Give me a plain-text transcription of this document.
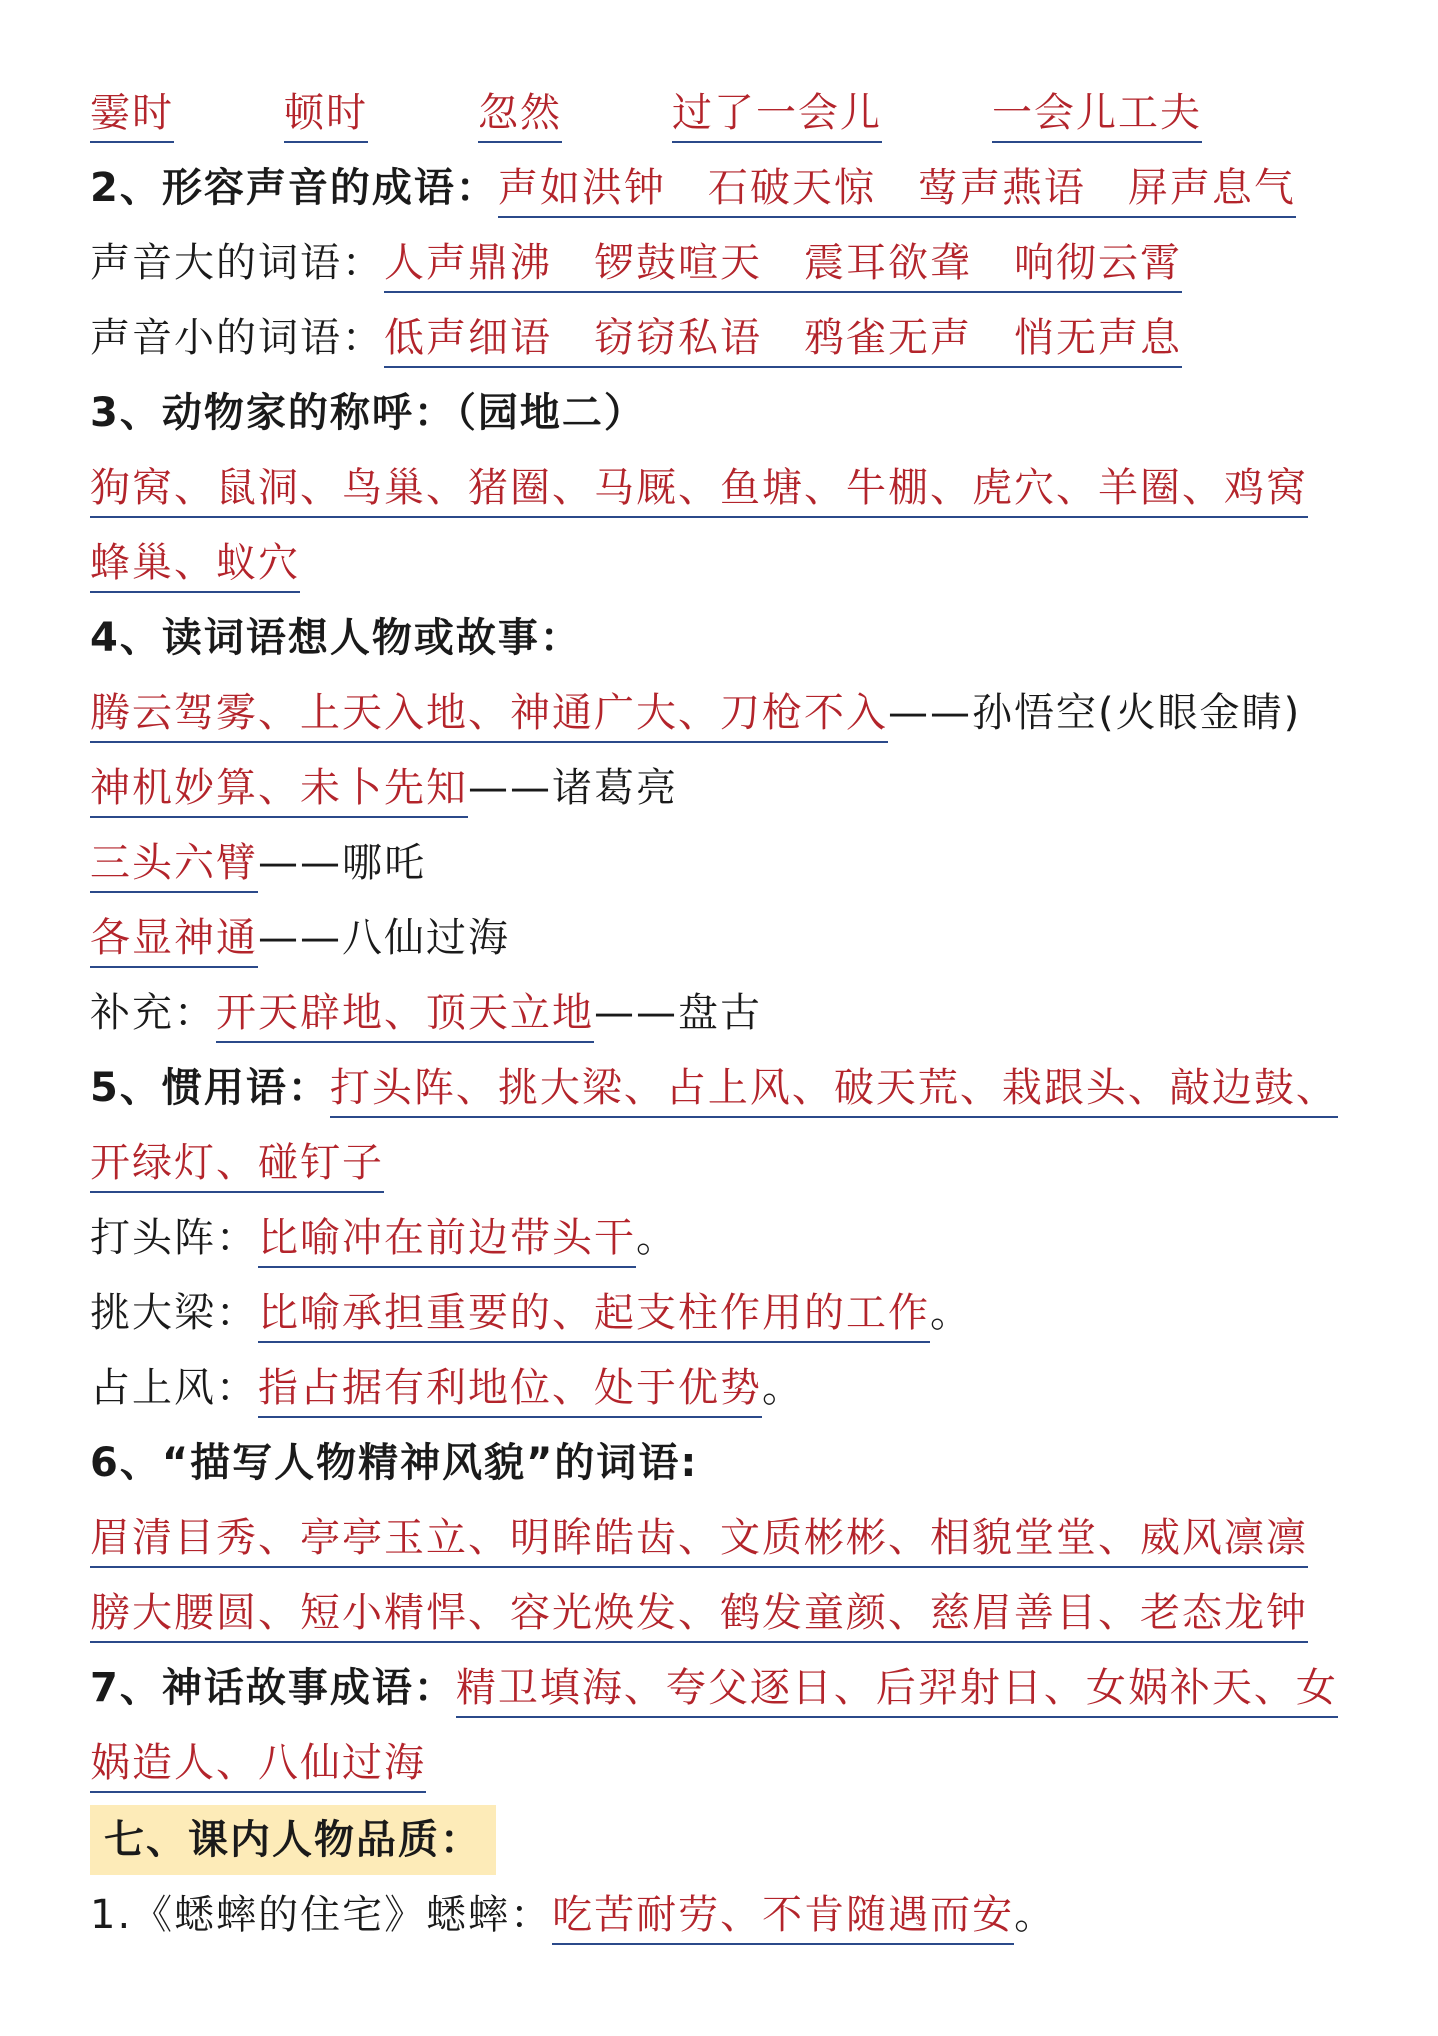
霎时	顿时	忽然	过了一会儿	一会儿工夫
2、形容声音的成语：声如洪钟　石破天惊　莺声燕语　屏声息气
声音大的词语：人声鼎沸　锣鼓喧天　震耳欲聋　响彻云霄
声音小的词语：低声细语　窃窃私语　鸦雀无声　悄无声息
3、动物家的称呼：（园地二）
狗窝、鼠洞、鸟巢、猪圈、马厩、鱼塘、牛棚、虎穴、羊圈、鸡窝
蜂巢、蚁穴
4、读词语想人物或故事：
腾云驾雾、上天入地、神通广大、刀枪不入——孙悟空(火眼金睛)
神机妙算、未卜先知——诸葛亮
三头六臂——哪吒
各显神通——八仙过海
补充：开天辟地、顶天立地——盘古
5、惯用语：打头阵、挑大梁、占上风、破天荒、栽跟头、敲边鼓、
开绿灯、碰钉子
打头阵：比喻冲在前边带头干。
挑大梁：比喻承担重要的、起支柱作用的工作。
占上风：指占据有利地位、处于优势。
6、“描写人物精神风貌”的词语:
眉清目秀、亭亭玉立、明眸皓齿、文质彬彬、相貌堂堂、威风凛凛
膀大腰圆、短小精悍、容光焕发、鹤发童颜、慈眉善目、老态龙钟
7、神话故事成语：精卫填海、夸父逐日、后羿射日、女娲补天、女
娲造人、八仙过海
七、课内人物品质：
1.《蟋蟀的住宅》蟋蟀：吃苦耐劳、不肯随遇而安。
